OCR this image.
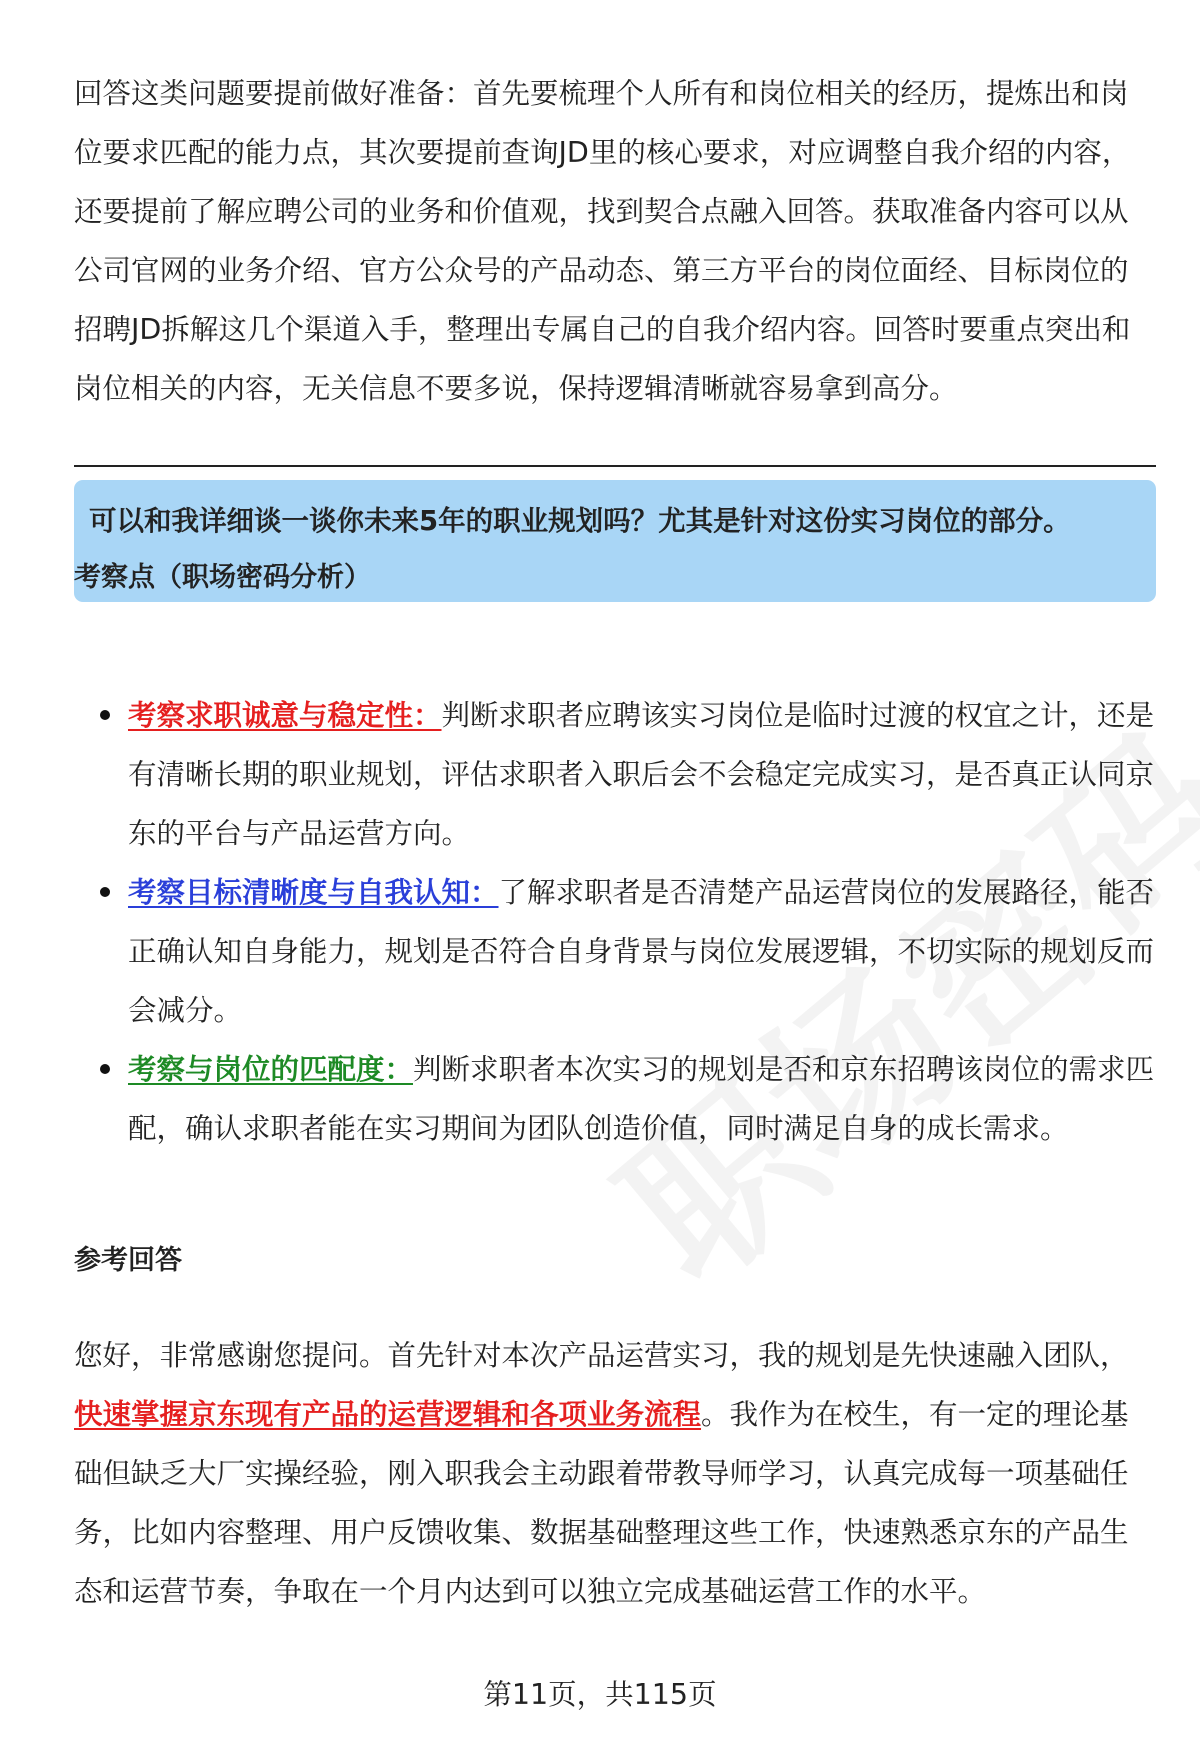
回答这类问题要提前做好准备：首先要梳理个人所有和岗位相关的经历，提炼出和岗位要求匹配的能力点，其次要提前查询JD里的核心要求，对应调整自我介绍的内容，还要提前了解应聘公司的业务和价值观，找到契合点融入回答。获取准备内容可以从公司官网的业务介绍、官方公众号的产品动态、第三方平台的岗位面经、目标岗位的招聘JD拆解这几个渠道入手，整理出专属自己的自我介绍内容。回答时要重点突出和岗位相关的内容，无关信息不要多说，保持逻辑清晰就容易拿到高分。

可以和我详细谈一谈你未来5年的职业规划吗？尤其是针对这份实习岗位的部分。

考察点（职场密码分析）

考察求职诚意与稳定性：判断求职者应聘该实习岗位是临时过渡的权宜之计，还是有清晰长期的职业规划，评估求职者入职后会不会稳定完成实习，是否真正认同京东的平台与产品运营方向。
考察目标清晰度与自我认知：了解求职者是否清楚产品运营岗位的发展路径，能否正确认知自身能力，规划是否符合自身背景与岗位发展逻辑，不切实际的规划反而会减分。
考察与岗位的匹配度：判断求职者本次实习的规划是否和京东招聘该岗位的需求匹配，确认求职者能在实习期间为团队创造价值，同时满足自身的成长需求。

参考回答

您好，非常感谢您提问。首先针对本次产品运营实习，我的规划是先快速融入团队，快速掌握京东现有产品的运营逻辑和各项业务流程。我作为在校生，有一定的理论基础但缺乏大厂实操经验，刚入职我会主动跟着带教导师学习，认真完成每一项基础任务，比如内容整理、用户反馈收集、数据基础整理这些工作，快速熟悉京东的产品生态和运营节奏，争取在一个月内达到可以独立完成基础运营工作的水平。

第11页，共115页
